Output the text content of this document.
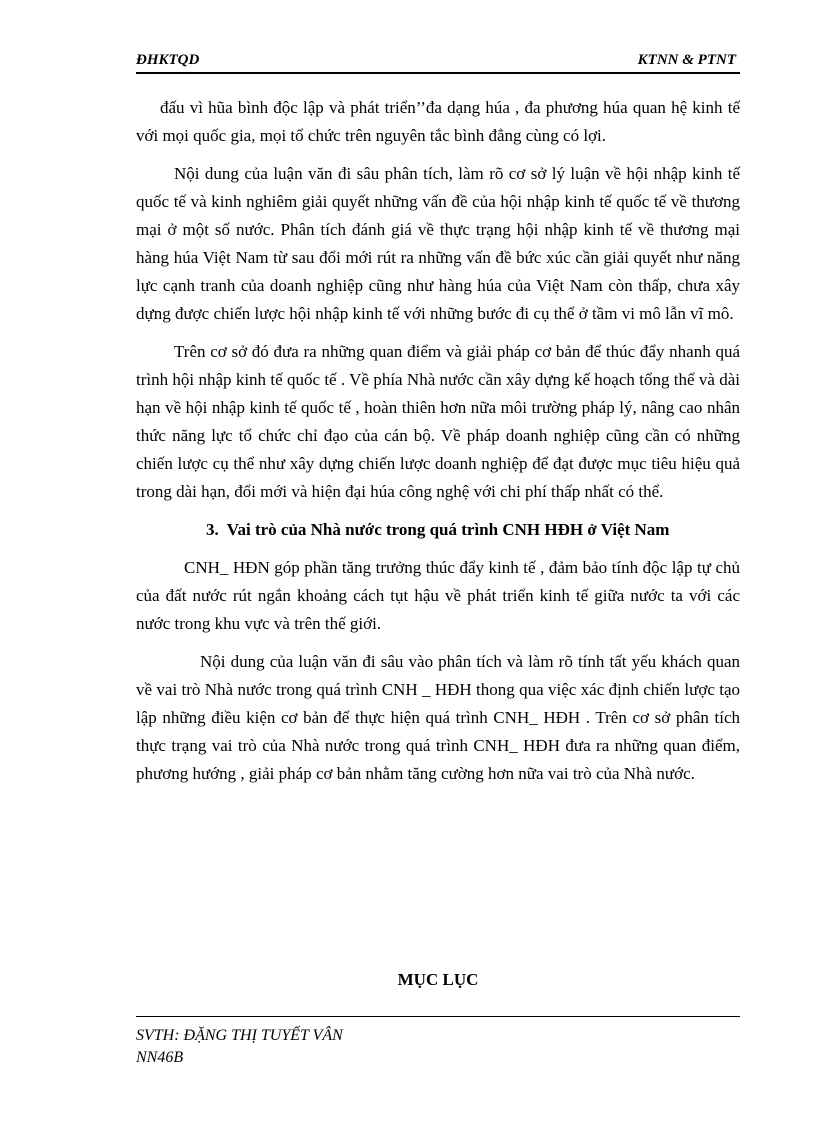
ĐHKTQD	KTNN & PTNT

đấu vì hũa bình độc lập và phát triển’’đa dạng húa , đa phương húa quan hệ kinh tế với mọi quốc gia, mọi tổ chức trên nguyên tắc bình đẳng cùng có lợi.

Nội dung của luận văn đi sâu phân tích, làm rõ cơ sở lý luận về hội nhập kinh tế quốc tế và kinh nghiêm giải quyết những vấn đề của hội nhập kinh tế quốc tế về thương mại ở một số nước. Phân tích đánh giá về thực trạng hội nhập kinh tế về thương mại hàng húa Việt Nam từ sau đổi mới rút ra những vấn đề bức xúc cần giải quyết như năng lực cạnh tranh của doanh nghiệp cũng như hàng húa của Việt Nam còn thấp, chưa xây dựng được chiến lược hội nhập kinh tế với những bước đi cụ thể ở tầm vi mô lẫn vĩ mô.

Trên cơ sở đó đưa ra những quan điểm và giải pháp cơ bản để thúc đẩy nhanh quá trình hội nhập kinh tế quốc tế . Về phía Nhà nước cần xây dựng kế hoạch tổng thể và dài hạn về hội nhập kinh tế quốc tế , hoàn thiên hơn nữa môi trường pháp lý, nâng cao nhân thức năng lực tổ chức chỉ đạo của cán bộ. Về pháp doanh nghiệp cũng cần có những chiến lược cụ thể như xây dựng chiến lược doanh nghiệp để đạt được mục tiêu hiệu quả trong dài hạn, đổi mới và hiện đại húa công nghệ với chi phí thấp nhất có thể.

3. Vai trò của Nhà nước trong quá trình CNH HĐH ở Việt Nam

CNH_ HĐN góp phần tăng trưởng thúc đẩy kinh tế , đảm bảo tính độc lập tự chủ của đất nước rút ngắn khoảng cách tụt hậu về phát triển kinh tế giữa nước ta với các nước trong khu vực và trên thế giới.

Nội dung của luận văn đi sâu vào phân tích và làm rõ tính tất yếu khách quan về vai trò Nhà nước trong quá trình CNH _ HĐH thong qua việc xác định chiến lược tạo lập những điều kiện cơ bản để thực hiện quá trình CNH_ HĐH . Trên cơ sở phân tích thực trạng vai trò của Nhà nước trong quá trình CNH_ HĐH đưa ra những quan điểm, phương hướng , giải pháp cơ bản nhằm tăng cường hơn nữa vai trò của Nhà nước.

MỤC LỤC
SVTH: ĐẶNG THỊ TUYẾT VÂN
NN46B
